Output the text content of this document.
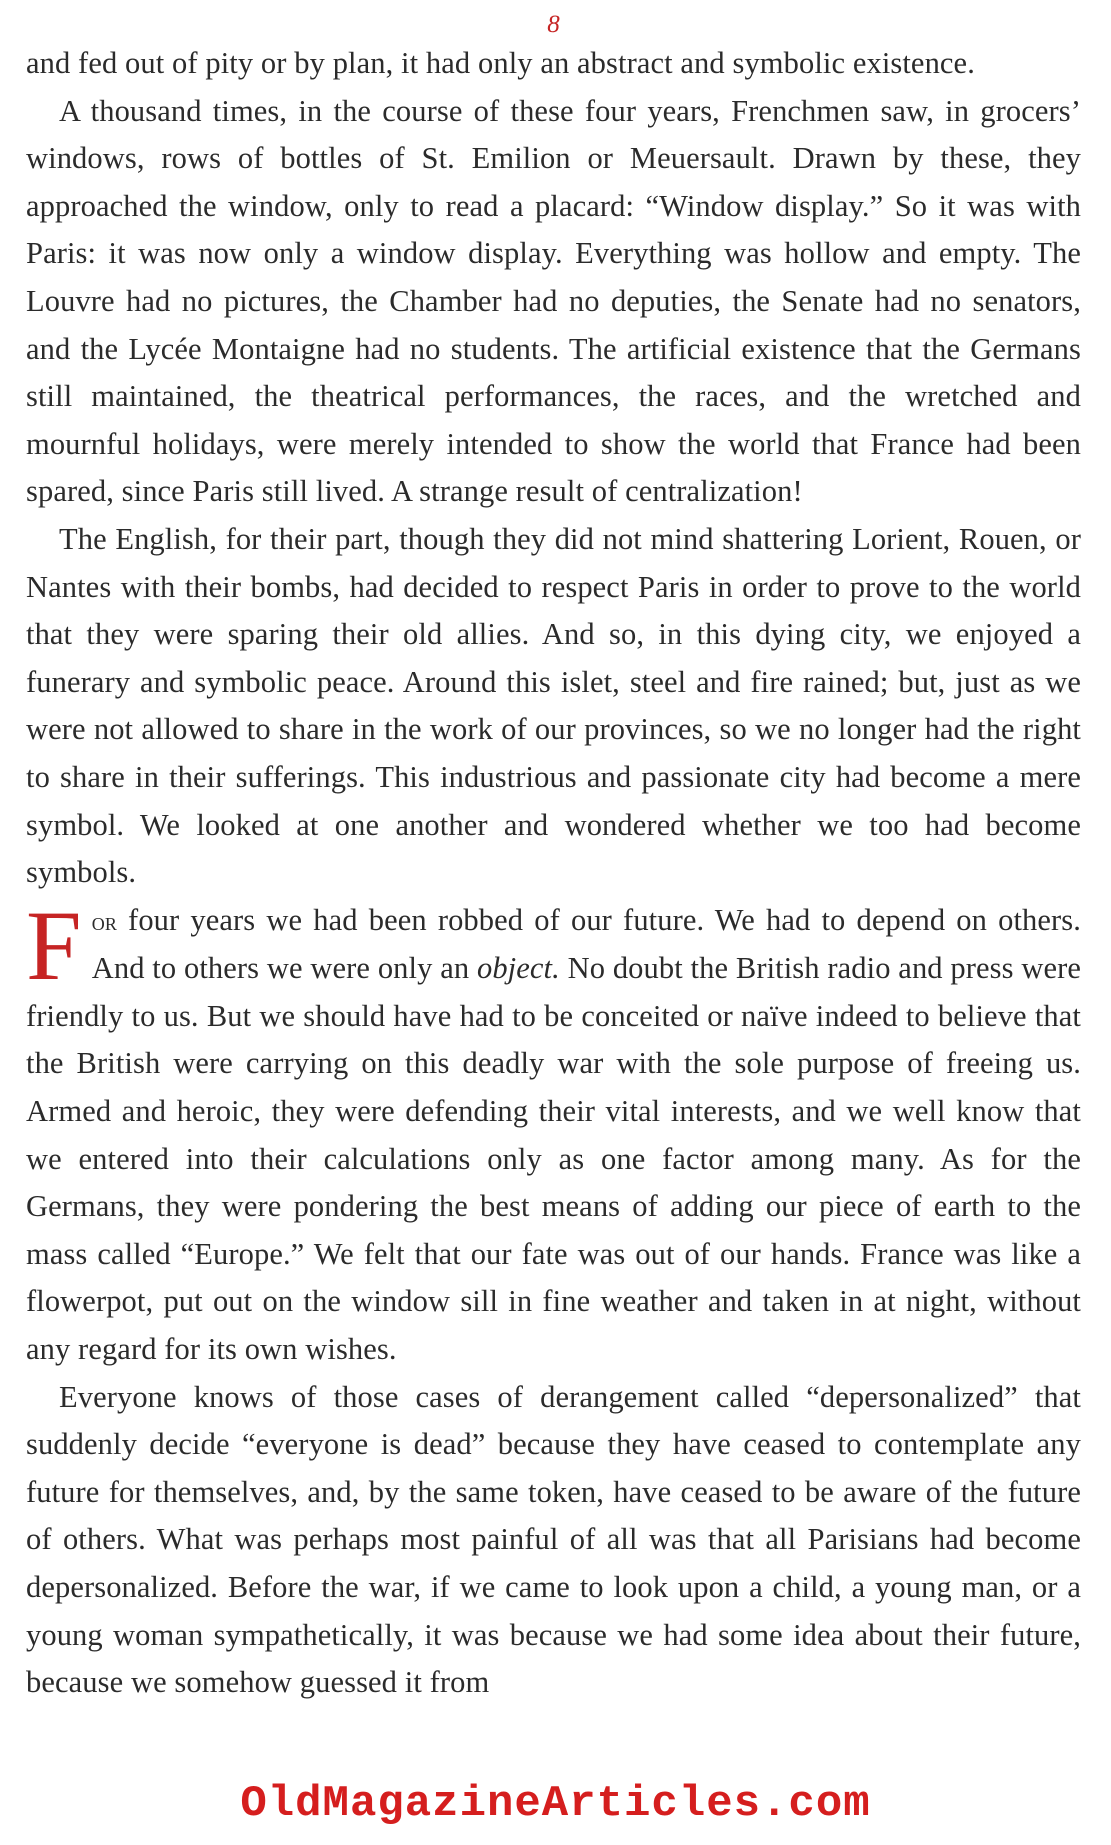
8

and fed out of pity or by plan, it had only an abstract and symbolic existence.

A thousand times, in the course of these four years, Frenchmen saw, in grocers’ windows, rows of bottles of St. Emilion or Meuersault. Drawn by these, they approached the window, only to read a placard: “Window display.” So it was with Paris: it was now only a window display. Everything was hollow and empty. The Louvre had no pictures, the Chamber had no deputies, the Senate had no senators, and the Lycée Montaigne had no students. The artificial existence that the Germans still maintained, the theatrical performances, the races, and the wretched and mournful holidays, were merely intended to show the world that France had been spared, since Paris still lived. A strange result of centralization!

The English, for their part, though they did not mind shattering Lorient, Rouen, or Nantes with their bombs, had decided to respect Paris in order to prove to the world that they were sparing their old allies. And so, in this dying city, we enjoyed a funerary and symbolic peace. Around this islet, steel and fire rained; but, just as we were not allowed to share in the work of our provinces, so we no longer had the right to share in their sufferings. This industrious and passionate city had become a mere symbol. We looked at one another and wondered whether we too had become symbols.

For four years we had been robbed of our future. We had to depend on others. And to others we were only an object. No doubt the British radio and press were friendly to us. But we should have had to be conceited or naïve indeed to believe that the British were carrying on this deadly war with the sole purpose of freeing us. Armed and heroic, they were defending their vital interests, and we well know that we entered into their calculations only as one factor among many. As for the Germans, they were pondering the best means of adding our piece of earth to the mass called “Europe.” We felt that our fate was out of our hands. France was like a flowerpot, put out on the window sill in fine weather and taken in at night, without any regard for its own wishes.

Everyone knows of those cases of derangement called “depersonalized” that suddenly decide “everyone is dead” because they have ceased to contemplate any future for themselves, and, by the same token, have ceased to be aware of the future of others. What was perhaps most painful of all was that all Parisians had become depersonalized. Before the war, if we came to look upon a child, a young man, or a young woman sympathetically, it was because we had some idea about their future, because we somehow guessed it from

OldMagazineArticles.com
